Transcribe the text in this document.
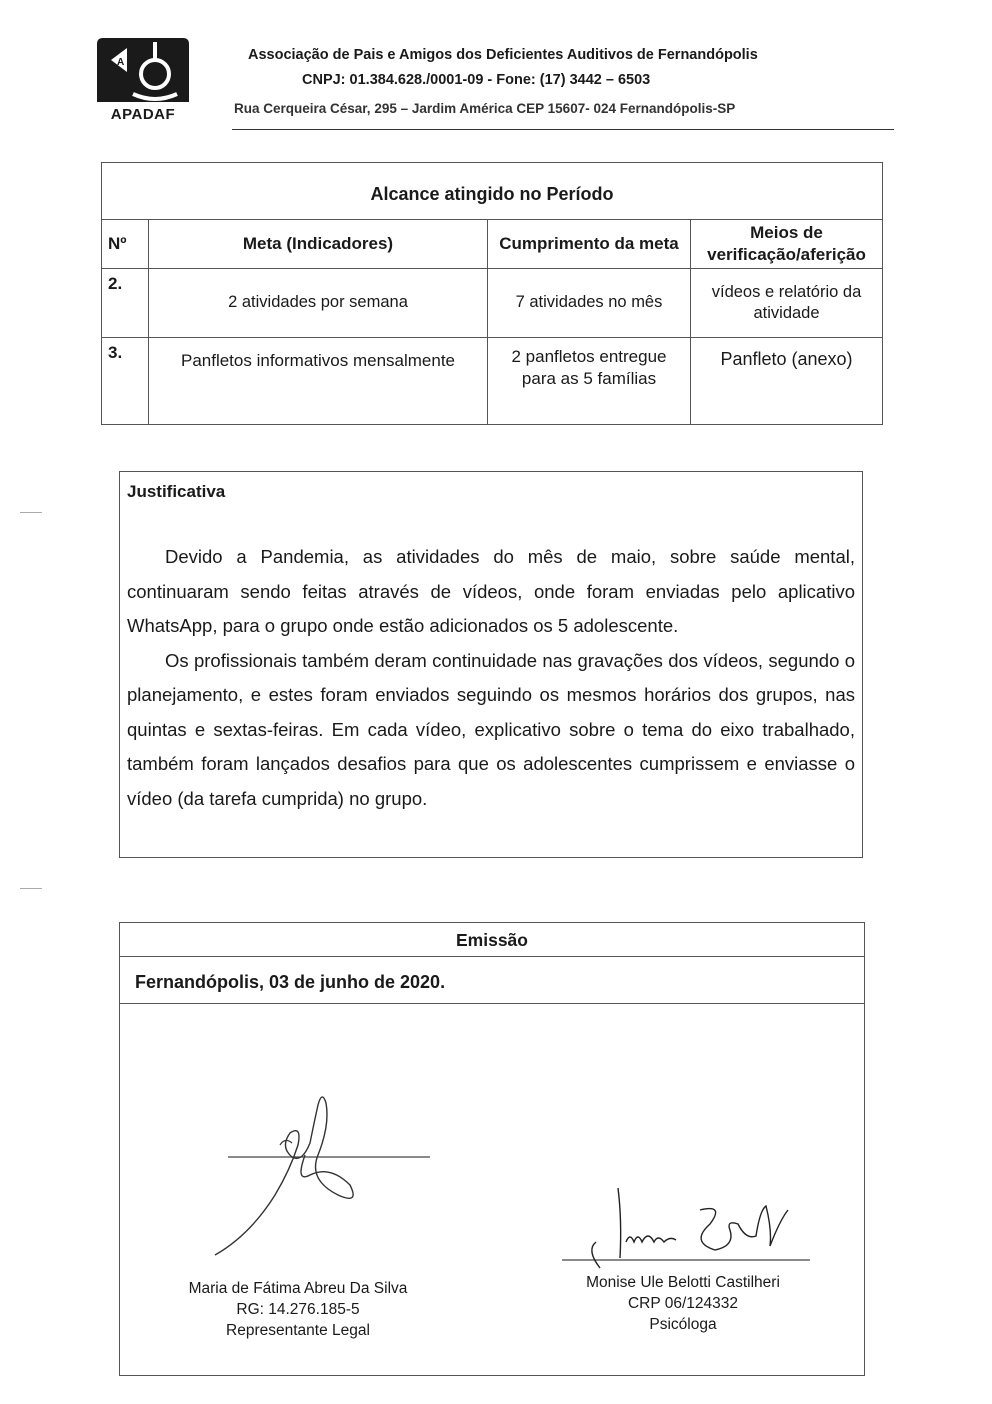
A
APADAF
Associação de Pais e Amigos dos Deficientes Auditivos de Fernandópolis
CNPJ: 01.384.628./0001-09 - Fone: (17) 3442 – 6503
Rua Cerqueira César, 295 – Jardim América CEP 15607- 024 Fernandópolis-SP
Alcance atingido no Período			
Nº	Meta (Indicadores)	Cumprimento da meta	Meios de verificação/aferição
2.	2 atividades por semana	7 atividades no mês	vídeos e relatório da atividade
3.	Panfletos informativos mensalmente	2 panfletos entregue para as 5 famílias	Panfleto (anexo)
Justificativa

Devido a Pandemia, as atividades do mês de maio, sobre saúde mental, continuaram sendo feitas através de vídeos, onde foram enviadas pelo aplicativo WhatsApp, para o grupo onde estão adicionados os 5 adolescente.

Os profissionais também deram continuidade nas gravações dos vídeos, segundo o planejamento, e estes foram enviados seguindo os mesmos horários dos grupos, nas quintas e sextas-feiras. Em cada vídeo, explicativo sobre o tema do eixo trabalhado, também foram lançados desafios para que os adolescentes cumprissem e enviasse o vídeo (da tarefa cumprida) no grupo.

Emissão
Fernandópolis, 03 de junho de 2020.
Maria de Fátima Abreu Da Silva
RG: 14.276.185-5
Representante Legal
Monise Ule Belotti Castilheri
CRP 06/124332
Psicóloga
